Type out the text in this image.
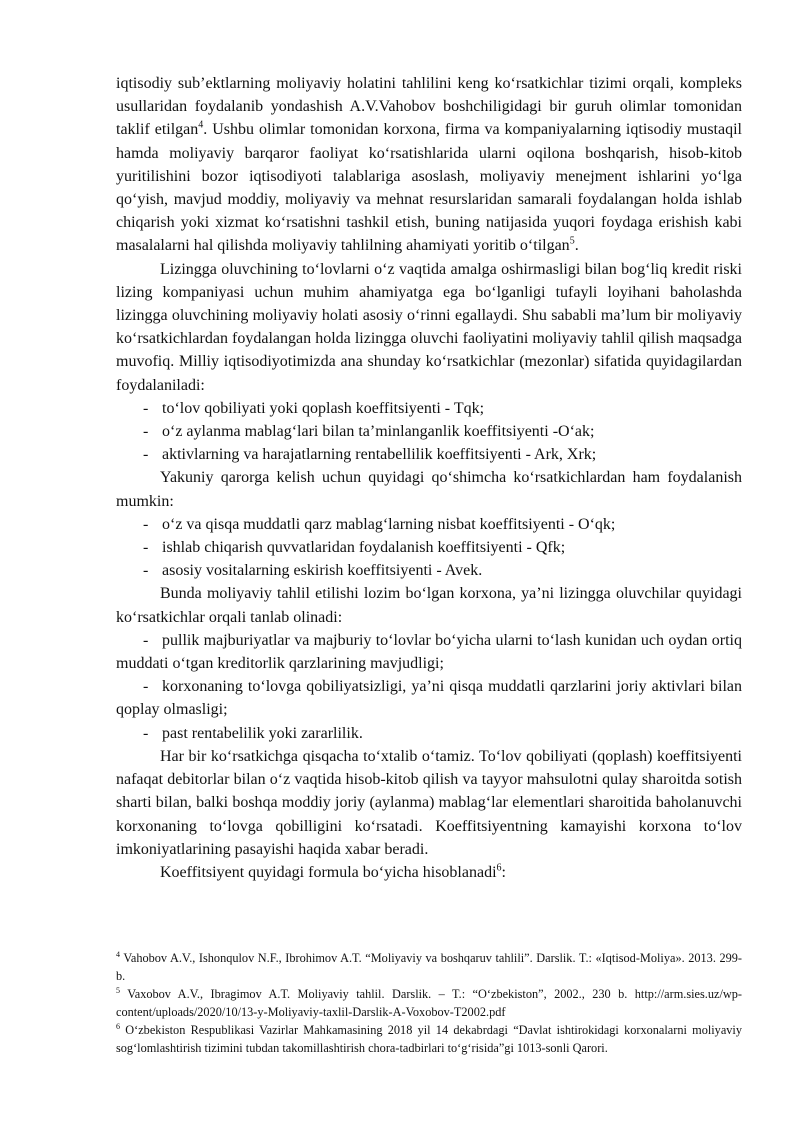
iqtisodiy sub’ektlarning moliyaviy holatini tahlilini keng ko‘rsatkichlar tizimi orqali, kompleks usullaridan foydalanib yondashish A.V.Vahobov boshchiligidagi bir guruh olimlar tomonidan taklif etilgan$^4$. Ushbu olimlar tomonidan korxona, firma va kompaniyalarning iqtisodiy mustaqil hamda moliyaviy barqaror faoliyat ko‘rsatishlarida ularni oqilona boshqarish, hisob-kitob yuritilishini bozor iqtisodiyoti talablariga asoslash, moliyaviy menejment ishlarini yo‘lga qo‘yish, mavjud moddiy, moliyaviy va mehnat resurslaridan samarali foydalangan holda ishlab chiqarish yoki xizmat ko‘rsatishni tashkil etish, buning natijasida yuqori foydaga erishish kabi masalalarni hal qilishda moliyaviy tahlilning ahamiyati yoritib o‘tilgan$^5$.

Lizingga oluvchining to‘lovlarni o‘z vaqtida amalga oshirmasligi bilan bog‘liq kredit riski lizing kompaniyasi uchun muhim ahamiyatga ega bo‘lganligi tufayli loyihani baholashda lizingga oluvchining moliyaviy holati asosiy o‘rinni egallaydi. Shu sababli ma’lum bir moliyaviy ko‘rsatkichlardan foydalangan holda lizingga oluvchi faoliyatini moliyaviy tahlil qilish maqsadga muvofiq. Milliy iqtisodiyotimizda ana shunday ko‘rsatkichlar (mezonlar) sifatida quyidagilardan foydalaniladi:

- to‘lov qobiliyati yoki qoplash koeffitsiyenti - Tqk;
- o‘z aylanma mablag‘lari bilan ta’minlanganlik koeffitsiyenti -O‘ak;
- aktivlarning va harajatlarning rentabellilik koeffitsiyenti - Ark, Xrk;

Yakuniy qarorga kelish uchun quyidagi qo‘shimcha ko‘rsatkichlardan ham foydalanish mumkin:

- o‘z va qisqa muddatli qarz mablag‘larning nisbat koeffitsiyenti - O‘qk;
- ishlab chiqarish quvvatlaridan foydalanish koeffitsiyenti - Qfk;
- asosiy vositalarning eskirish koeffitsiyenti - Avek.

Bunda moliyaviy tahlil etilishi lozim bo‘lgan korxona, ya’ni lizingga oluvchilar quyidagi ko‘rsatkichlar orqali tanlab olinadi:

- pullik majburiyatlar va majburiy to‘lovlar bo‘yicha ularni to‘lash kunidan uch oydan ortiq muddati o‘tgan kreditorlik qarzlarining mavjudligi;

- korxonaning to‘lovga qobiliyatsizligi, ya’ni qisqa muddatli qarzlarini joriy aktivlari bilan qoplay olmasligi;

- past rentabelilik yoki zararlilik.

Har bir ko‘rsatkichga qisqacha to‘xtalib o‘tamiz. To‘lov qobiliyati (qoplash) koeffitsiyenti nafaqat debitorlar bilan o‘z vaqtida hisob-kitob qilish va tayyor mahsulotni qulay sharoitda sotish sharti bilan, balki boshqa moddiy joriy (aylanma) mablag‘lar elementlari sharoitida baholanuvchi korxonaning to‘lovga qobilligini ko‘rsatadi. Koeffitsiyentning kamayishi korxona to‘lov imkoniyatlarining pasayishi haqida xabar beradi.

Koeffitsiyent quyidagi formula bo‘yicha hisoblanadi$^6$:

$^4$ Vahobov A.V., Ishonqulov N.F., Ibrohimov A.T. “Moliyaviy va boshqaruv tahlili”. Darslik. T.: «Iqtisod-Moliya». 2013. 299-b.

$^5$ Vaxobov A.V., Ibragimov A.T. Moliyaviy tahlil. Darslik. – T.: “O‘zbekiston”, 2002., 230 b. http://arm.sies.uz/wp-content/uploads/2020/10/13-y-Moliyaviy-taxlil-Darslik-A-Voxobov-T2002.pdf

$^6$ O‘zbekiston Respublikasi Vazirlar Mahkamasining 2018 yil 14 dekabrdagi “Davlat ishtirokidagi korxonalarni moliyaviy sog‘lomlashtirish tizimini tubdan takomillashtirish chora-tadbirlari to‘g‘risida”gi 1013-sonli Qarori.
